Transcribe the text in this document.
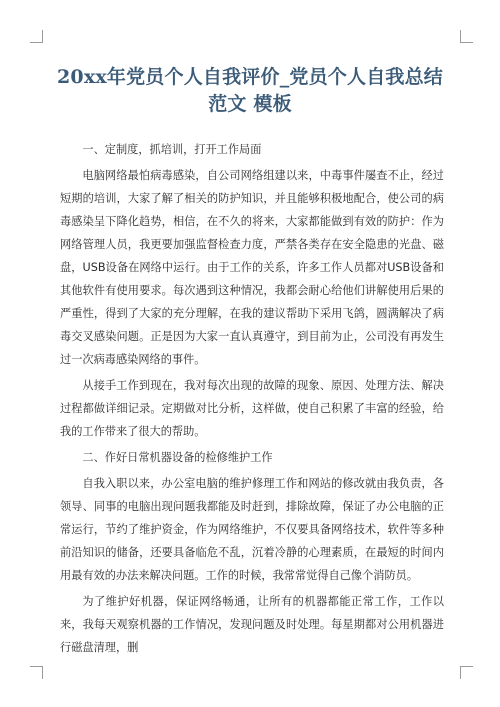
20xx年党员个人自我评价_党员个人自我总结范文 模板

一、定制度，抓培训，打开工作局面

电脑网络最怕病毒感染，自公司网络组建以来，中毒事件屡查不止，经过短期的培训，大家了解了相关的防护知识，并且能够积极地配合，使公司的病毒感染呈下降化趋势，相信，在不久的将来，大家都能做到有效的防护：作为网络管理人员，我更要加强监督检查力度，严禁各类存在安全隐患的光盘、磁盘，USB设备在网络中运行。由于工作的关系，许多工作人员都对USB设备和其他软件有使用要求。每次遇到这种情况，我都会耐心给他们讲解使用后果的严重性，得到了大家的充分理解，在我的建议帮助下采用飞鸽，圆满解决了病毒交叉感染问题。正是因为大家一直认真遵守，到目前为止，公司没有再发生过一次病毒感染网络的事件。

从接手工作到现在，我对每次出现的故障的现象、原因、处理方法、解决过程都做详细记录。定期做对比分析，这样做，使自己积累了丰富的经验，给我的工作带来了很大的帮助。

二、作好日常机器设备的检修维护工作

自我入职以来，办公室电脑的维护修理工作和网站的修改就由我负责，各领导、同事的电脑出现问题我都能及时赶到，排除故障，保证了办公电脑的正常运行，节约了维护资金，作为网络维护，不仅要具备网络技术，软件等多种前沿知识的储备，还要具备临危不乱，沉着冷静的心理素质，在最短的时间内用最有效的办法来解决问题。工作的时候，我常常觉得自己像个消防员。

为了维护好机器，保证网络畅通，让所有的机器都能正常工作，工作以来，我每天观察机器的工作情况，发现问题及时处理。每星期都对公用机器进行磁盘清理，删
